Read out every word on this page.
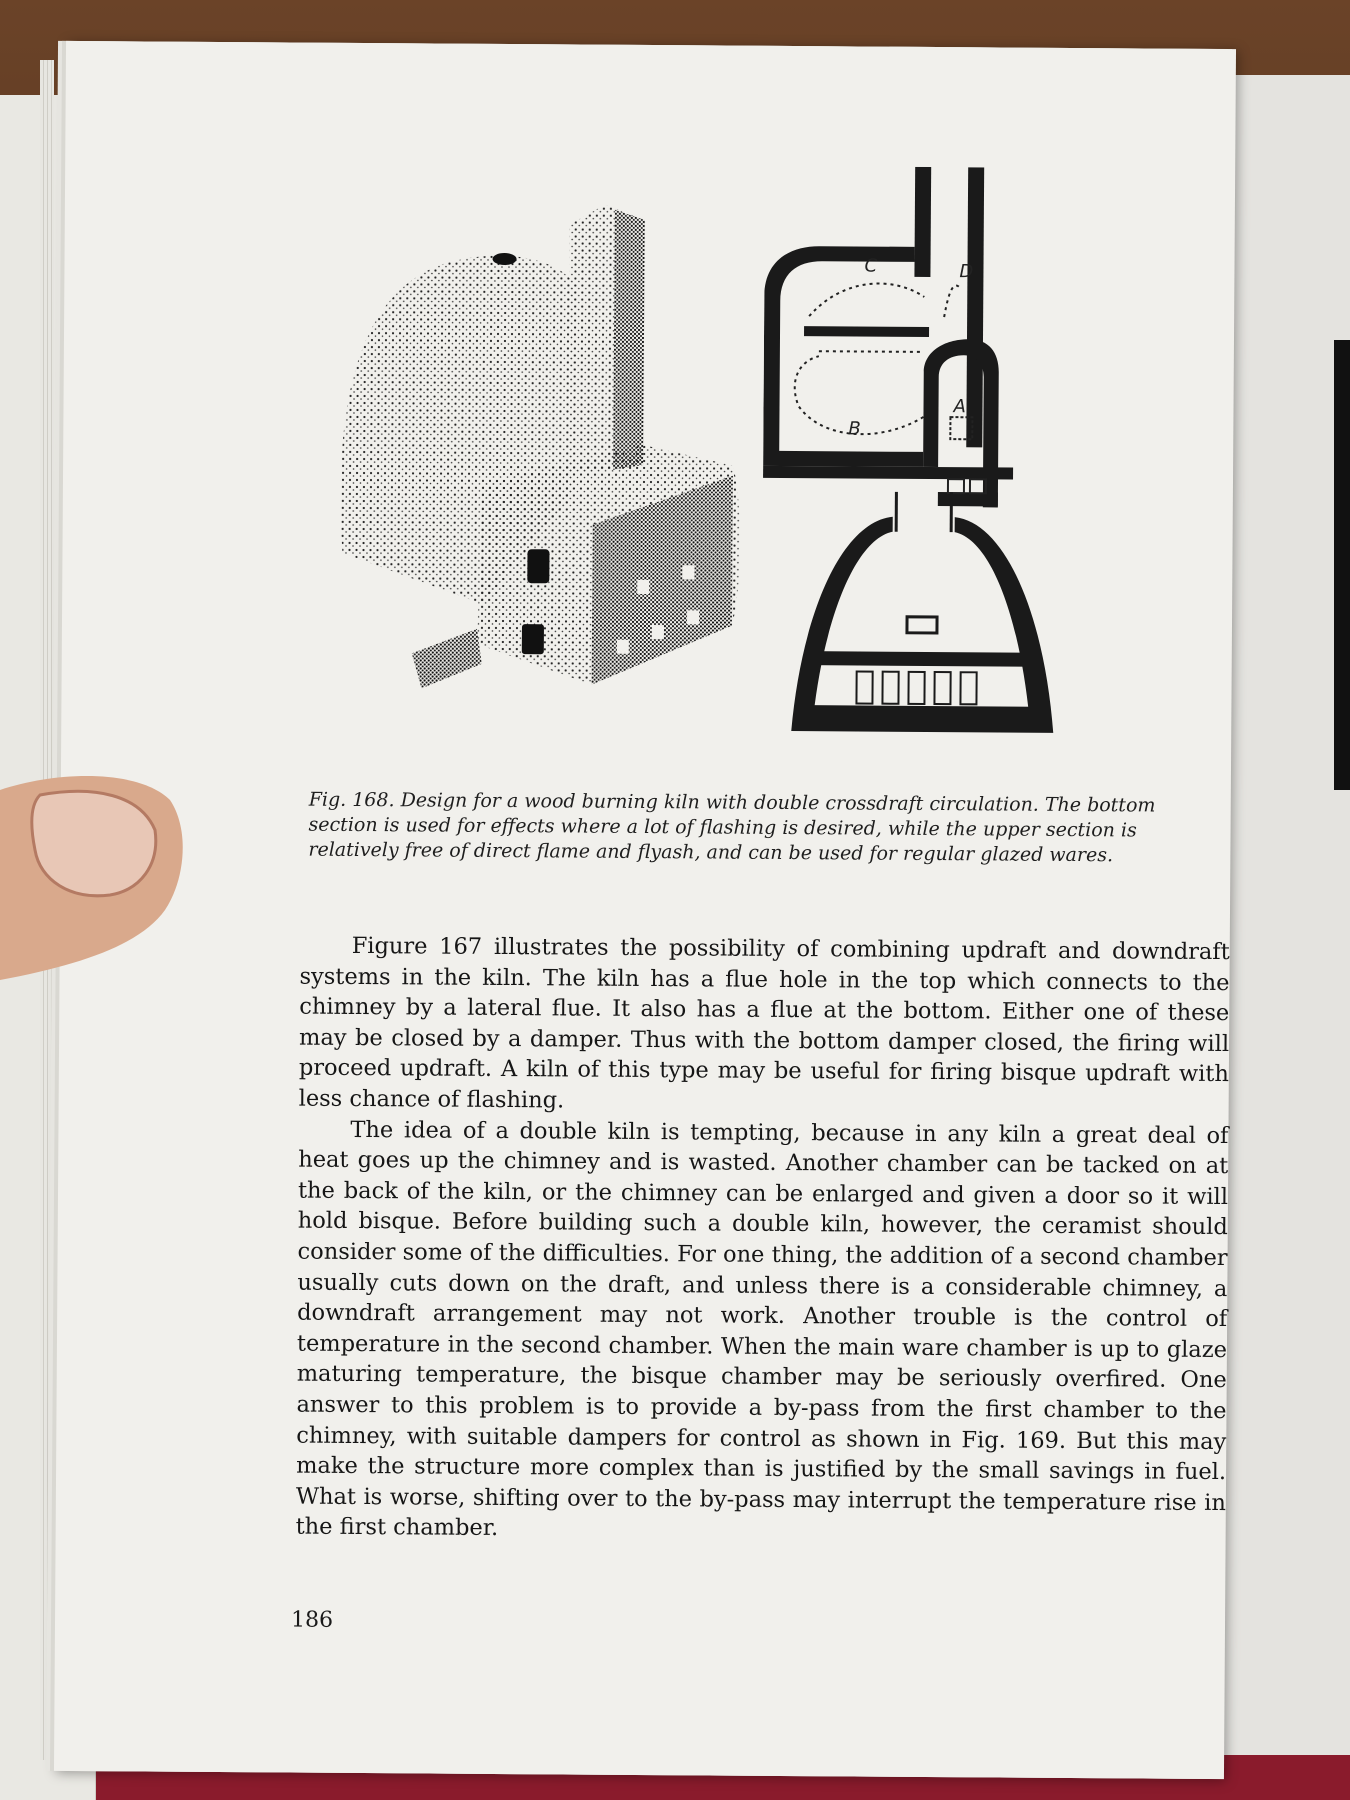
C	D
B
A
Fig. 168. Design for a wood burning kiln with double crossdraft circulation. The bottom section is used for effects where a lot of flashing is desired, while the upper section is relatively free of direct flame and flyash, and can be used for regular glazed wares.

Figure 167 illustrates the possibility of combining updraft and downdraft systems in the kiln. The kiln has a flue hole in the top which connects to the chimney by a lateral flue. It also has a flue at the bottom. Either one of these may be closed by a damper. Thus with the bottom damper closed, the firing will proceed updraft. A kiln of this type may be useful for firing bisque updraft with less chance of flashing.

The idea of a double kiln is tempting, because in any kiln a great deal of heat goes up the chimney and is wasted. Another chamber can be tacked on at the back of the kiln, or the chimney can be enlarged and given a door so it will hold bisque. Before building such a double kiln, however, the ceramist should consider some of the difficulties. For one thing, the addition of a second chamber usually cuts down on the draft, and unless there is a considerable chimney, a downdraft arrangement may not work. Another trouble is the control of temperature in the second chamber. When the main ware chamber is up to glaze maturing temperature, the bisque chamber may be seriously overfired. One answer to this problem is to provide a by-pass from the first chamber to the chimney, with suitable dampers for control as shown in Fig. 169. But this may make the structure more complex than is justified by the small savings in fuel. What is worse, shifting over to the by-pass may interrupt the temperature rise in the first chamber.

186
